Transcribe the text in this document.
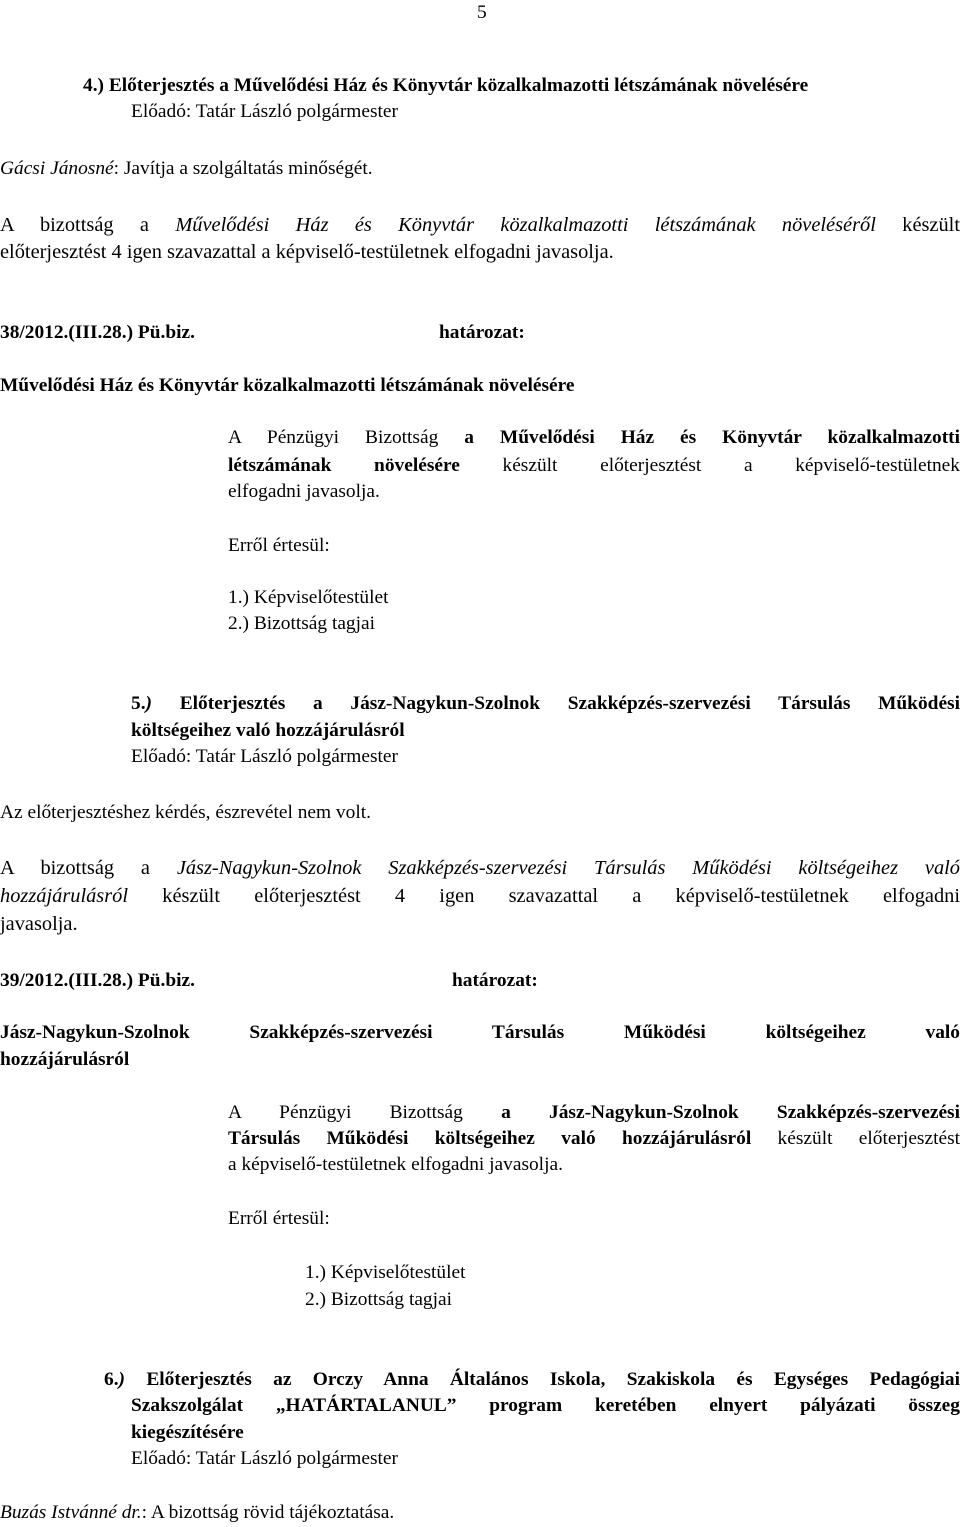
5
4.) Előterjesztés a Művelődési Ház és Könyvtár közalkalmazotti létszámának növelésére
Előadó: Tatár László polgármester
Gácsi Jánosné: Javítja a szolgáltatás minőségét.
A bizottság a Művelődési Ház és Könyvtár közalkalmazotti létszámának növeléséről készült
előterjesztést 4 igen szavazattal a képviselő-testületnek elfogadni javasolja.
38/2012.(III.28.) Pü.biz.	határozat:
Művelődési Ház és Könyvtár közalkalmazotti létszámának növelésére
A Pénzügyi Bizottság a Művelődési Ház és Könyvtár közalkalmazotti
létszámának növelésére készült előterjesztést a képviselő-testületnek
elfogadni javasolja.
Erről értesül:
1.) Képviselőtestület
2.) Bizottság tagjai
5.) Előterjesztés a Jász-Nagykun-Szolnok Szakképzés-szervezési Társulás Működési
költségeihez való hozzájárulásról
Előadó: Tatár László polgármester
Az előterjesztéshez kérdés, észrevétel nem volt.
A bizottság a Jász-Nagykun-Szolnok Szakképzés-szervezési Társulás Működési költségeihez való
hozzájárulásról készült előterjesztést 4 igen szavazattal a képviselő-testületnek elfogadni
javasolja.
39/2012.(III.28.) Pü.biz.	határozat:
Jász-Nagykun-Szolnok Szakképzés-szervezési Társulás Működési költségeihez való
hozzájárulásról
A Pénzügyi Bizottság a Jász-Nagykun-Szolnok Szakképzés-szervezési
Társulás Működési költségeihez való hozzájárulásról készült előterjesztést
a képviselő-testületnek elfogadni javasolja.
Erről értesül:
1.) Képviselőtestület
2.) Bizottság tagjai
6.) Előterjesztés az Orczy Anna Általános Iskola, Szakiskola és Egységes Pedagógiai
Szakszolgálat „HATÁRTALANUL” program keretében elnyert pályázati összeg
kiegészítésére
Előadó: Tatár László polgármester
Buzás Istvánné dr.: A bizottság rövid tájékoztatása.
